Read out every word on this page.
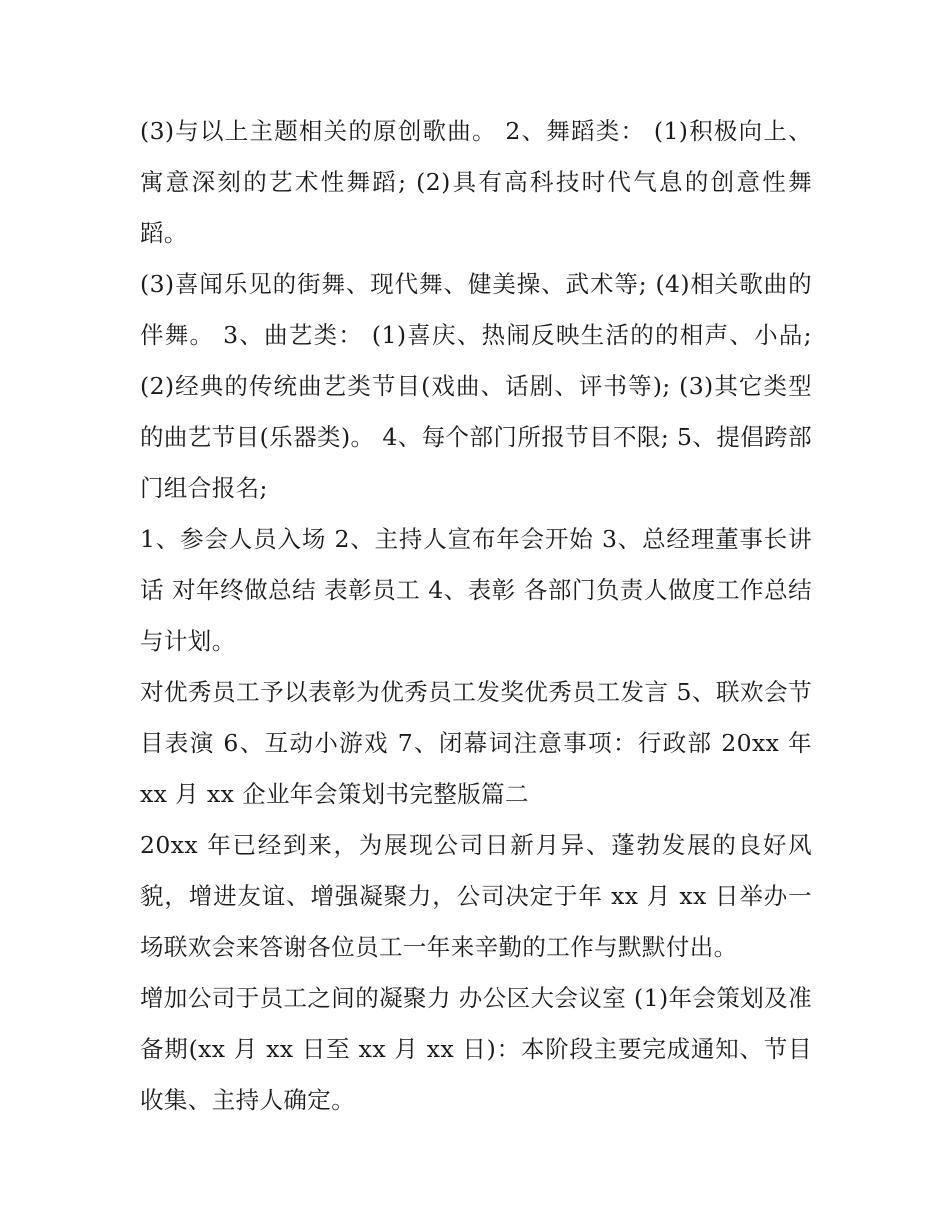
(3)与以上主题相关的原创歌曲。 2、舞蹈类： (1)积极向上、寓意深刻的艺术性舞蹈; (2)具有高科技时代气息的创意性舞蹈。

(3)喜闻乐见的街舞、现代舞、健美操、武术等; (4)相关歌曲的伴舞。 3、曲艺类： (1)喜庆、热闹反映生活的的相声、小品; (2)经典的传统曲艺类节目(戏曲、话剧、评书等); (3)其它类型的曲艺节目(乐器类)。 4、每个部门所报节目不限; 5、提倡跨部门组合报名;

1、参会人员入场 2、主持人宣布年会开始 3、总经理董事长讲话 对年终做总结 表彰员工 4、表彰 各部门负责人做度工作总结与计划。

对优秀员工予以表彰为优秀员工发奖优秀员工发言 5、联欢会节目表演 6、互动小游戏 7、闭幕词注意事项：行政部 20xx 年 xx 月 xx 企业年会策划书完整版篇二

20xx 年已经到来，为展现公司日新月异、蓬勃发展的良好风貌，增进友谊、增强凝聚力，公司决定于年 xx 月 xx 日举办一场联欢会来答谢各位员工一年来辛勤的工作与默默付出。

增加公司于员工之间的凝聚力 办公区大会议室 (1)年会策划及准备期(xx 月 xx 日至 xx 月 xx 日)：本阶段主要完成通知、节目收集、主持人确定。
